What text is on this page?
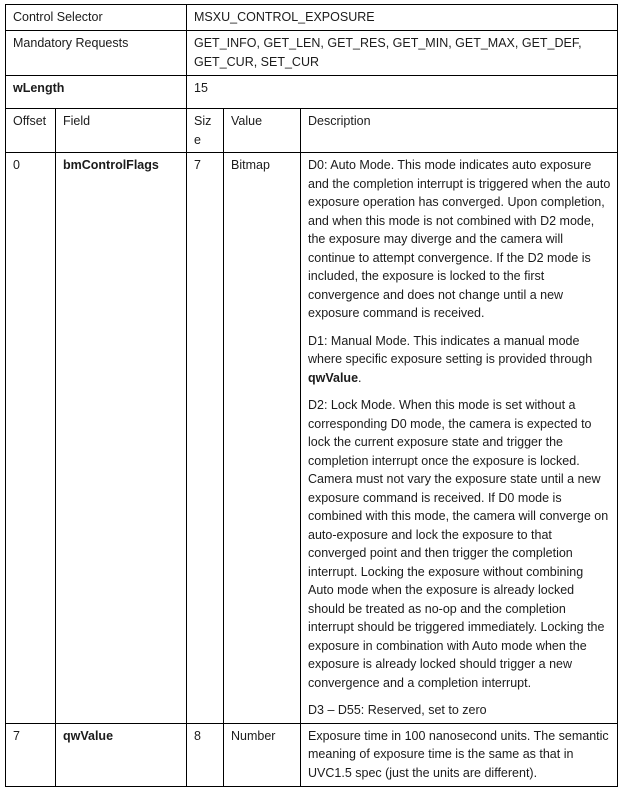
Control Selector		MSXU_CONTROL_EXPOSURE		
Mandatory Requests		GET_INFO, GET_LEN, GET_RES, GET_MIN, GET_MAX, GET_DEF, GET_CUR, SET_CUR		
wLength		15		
Offset	Field	Size	Value	Description
0	bmControlFlags	7	Bitmap	D0: Auto Mode. This mode indicates auto exposure and the completion interrupt is triggered when the auto exposure operation has converged. Upon completion, and when this mode is not combined with D2 mode, the exposure may diverge and the camera will continue to attempt convergence. If the D2 mode is included, the exposure is locked to the first convergence and does not change until a new exposure command is received.

D1: Manual Mode. This indicates a manual mode where specific exposure setting is provided through qwValue.

D2: Lock Mode. When this mode is set without a corresponding D0 mode, the camera is expected to lock the current exposure state and trigger the completion interrupt once the exposure is locked. Camera must not vary the exposure state until a new exposure command is received. If D0 mode is combined with this mode, the camera will converge on auto-exposure and lock the exposure to that converged point and then trigger the completion interrupt. Locking the exposure without combining Auto mode when the exposure is already locked should be treated as no-op and the completion interrupt should be triggered immediately. Locking the exposure in combination with Auto mode when the exposure is already locked should trigger a new convergence and a completion interrupt.

D3 – D55: Reserved, set to zero

7	qwValue	8	Number	Exposure time in 100 nanosecond units. The semantic meaning of exposure time is the same as that in UVC1.5 spec (just the units are different).
